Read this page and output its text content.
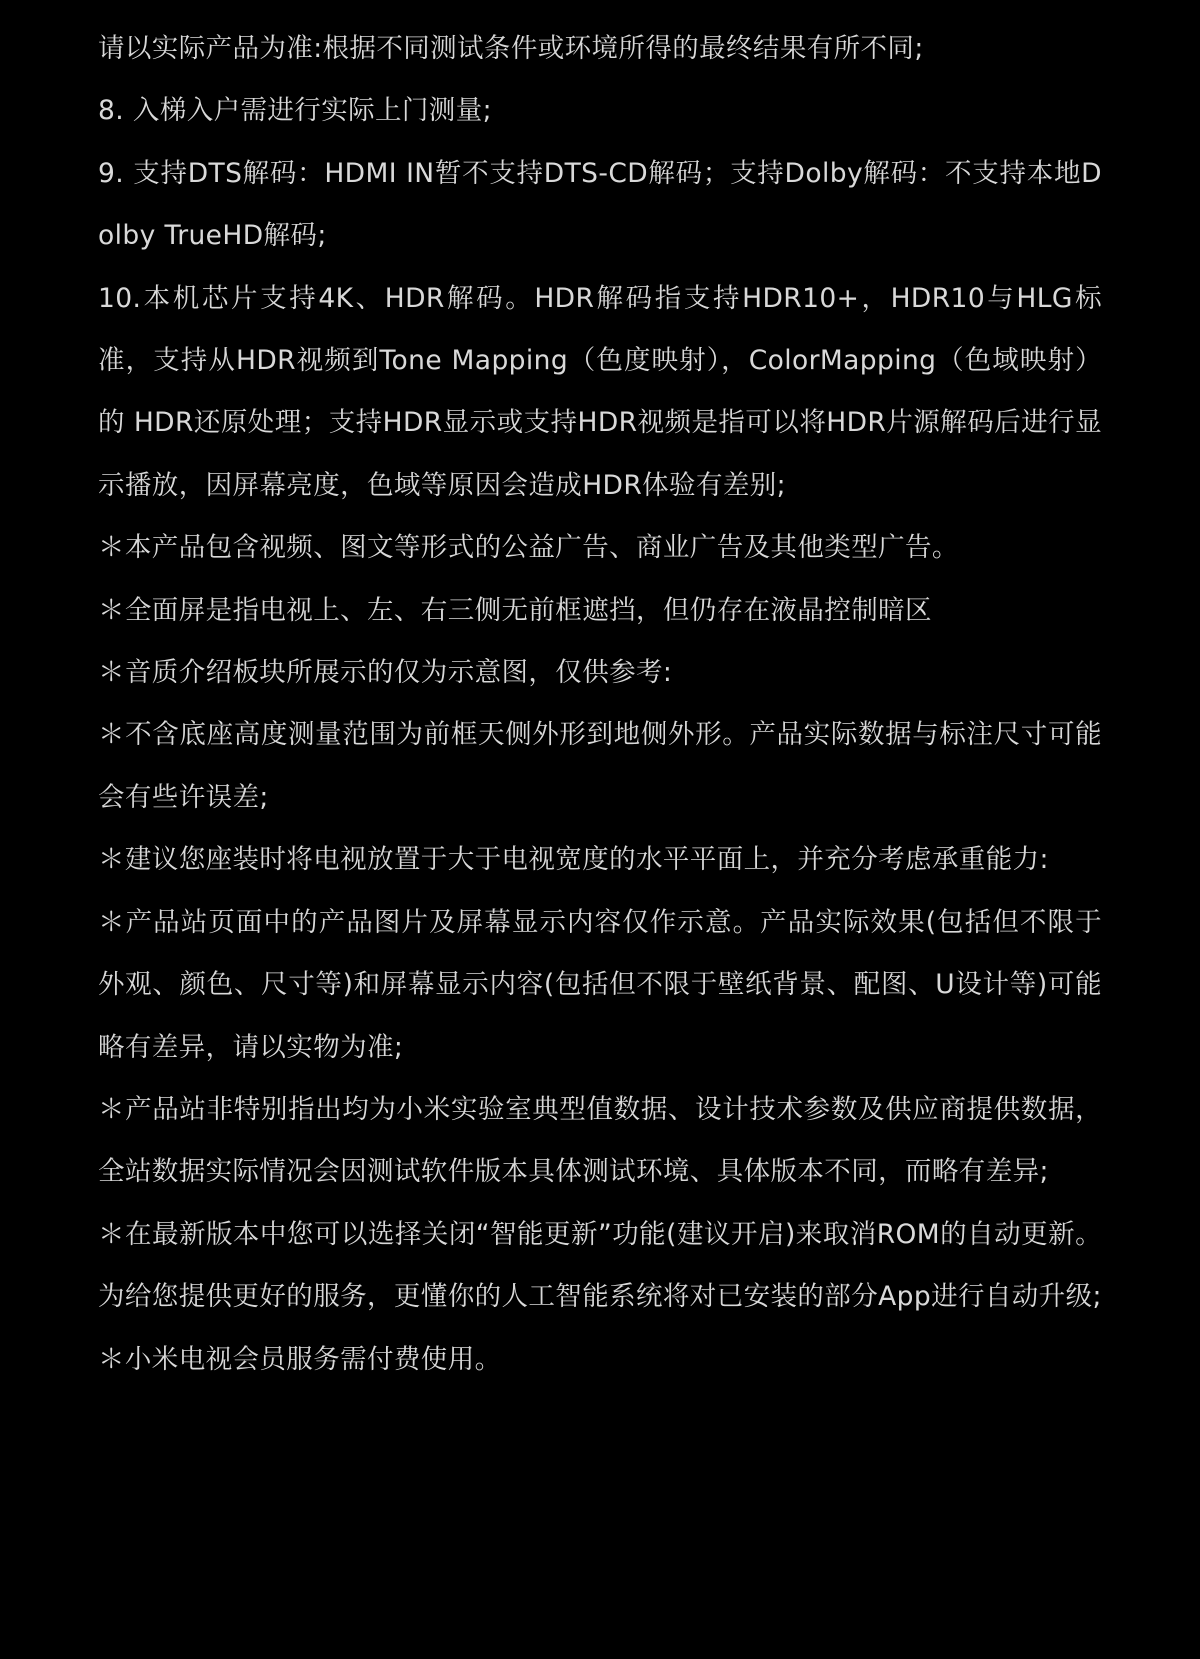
请以实际产品为准:根据不同测试条件或环境所得的最终结果有所不同;

8. 入梯入户需进行实际上门测量;

9. 支持DTS解码：HDMI IN暂不支持DTS-CD解码；支持Dolby解码：不支持本地Dolby TrueHD解码;

10.本机芯片支持4K、HDR解码。HDR解码指支持HDR10+，HDR10与HLG标准，支持从HDR视频到Tone Mapping（色度映射），ColorMapping（色域映射）的 HDR还原处理；支持HDR显示或支持HDR视频是指可以将HDR片源解码后进行显示播放，因屏幕亮度，色域等原因会造成HDR体验有差别;

＊本产品包含视频、图文等形式的公益广告、商业广告及其他类型广告。

＊全面屏是指电视上、左、右三侧无前框遮挡，但仍存在液晶控制暗区

＊音质介绍板块所展示的仅为示意图，仅供参考:

＊不含底座高度测量范围为前框天侧外形到地侧外形。产品实际数据与标注尺寸可能会有些许误差;

＊建议您座装时将电视放置于大于电视宽度的水平平面上，并充分考虑承重能力:

＊产品站页面中的产品图片及屏幕显示内容仅作示意。产品实际效果(包括但不限于外观、颜色、尺寸等)和屏幕显示内容(包括但不限于壁纸背景、配图、U设计等)可能略有差异，请以实物为准;

＊产品站非特别指出均为小米实验室典型值数据、设计技术参数及供应商提供数据，全站数据实际情况会因测试软件版本具体测试环境、具体版本不同，而略有差异;

＊在最新版本中您可以选择关闭“智能更新”功能(建议开启)来取消ROM的自动更新。为给您提供更好的服务，更懂你的人工智能系统将对已安装的部分App进行自动升级;

＊小米电视会员服务需付费使用。
